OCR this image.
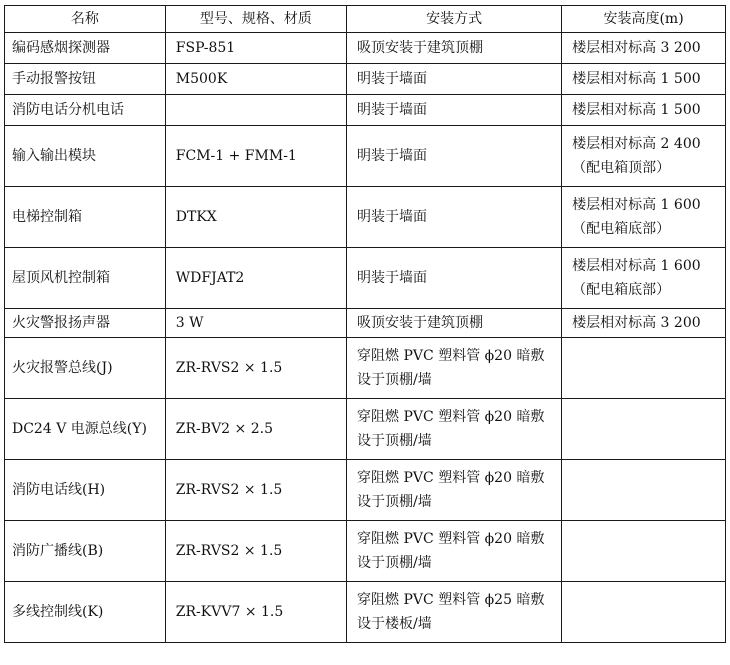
名称	型号、规格、材质	安装方式	安装高度(m)
编码感烟探测器	FSP-851	吸顶安装于建筑顶棚	楼层相对标高 3 200
手动报警按钮	M500K	明装于墙面	楼层相对标高 1 500
消防电话分机电话		明装于墙面	楼层相对标高 1 500
输入输出模块	FCM-1 + FMM-1	明装于墙面	楼层相对标高 2 400（配电箱顶部）
电梯控制箱	DTKX	明装于墙面	楼层相对标高 1 600（配电箱底部）
屋顶风机控制箱	WDFJAT2	明装于墙面	楼层相对标高 1 600（配电箱底部）
火灾警报扬声器	3 W	吸顶安装于建筑顶棚	楼层相对标高 3 200
火灾报警总线(J)	ZR-RVS2 × 1.5	穿阻燃 PVC 塑料管 ϕ20 暗敷设于顶棚/墙	
DC24 V 电源总线(Y)	ZR-BV2 × 2.5	穿阻燃 PVC 塑料管 ϕ20 暗敷设于顶棚/墙	
消防电话线(H)	ZR-RVS2 × 1.5	穿阻燃 PVC 塑料管 ϕ20 暗敷设于顶棚/墙	
消防广播线(B)	ZR-RVS2 × 1.5	穿阻燃 PVC 塑料管 ϕ20 暗敷设于顶棚/墙	
多线控制线(K)	ZR-KVV7 × 1.5	穿阻燃 PVC 塑料管 ϕ25 暗敷设于楼板/墙	
